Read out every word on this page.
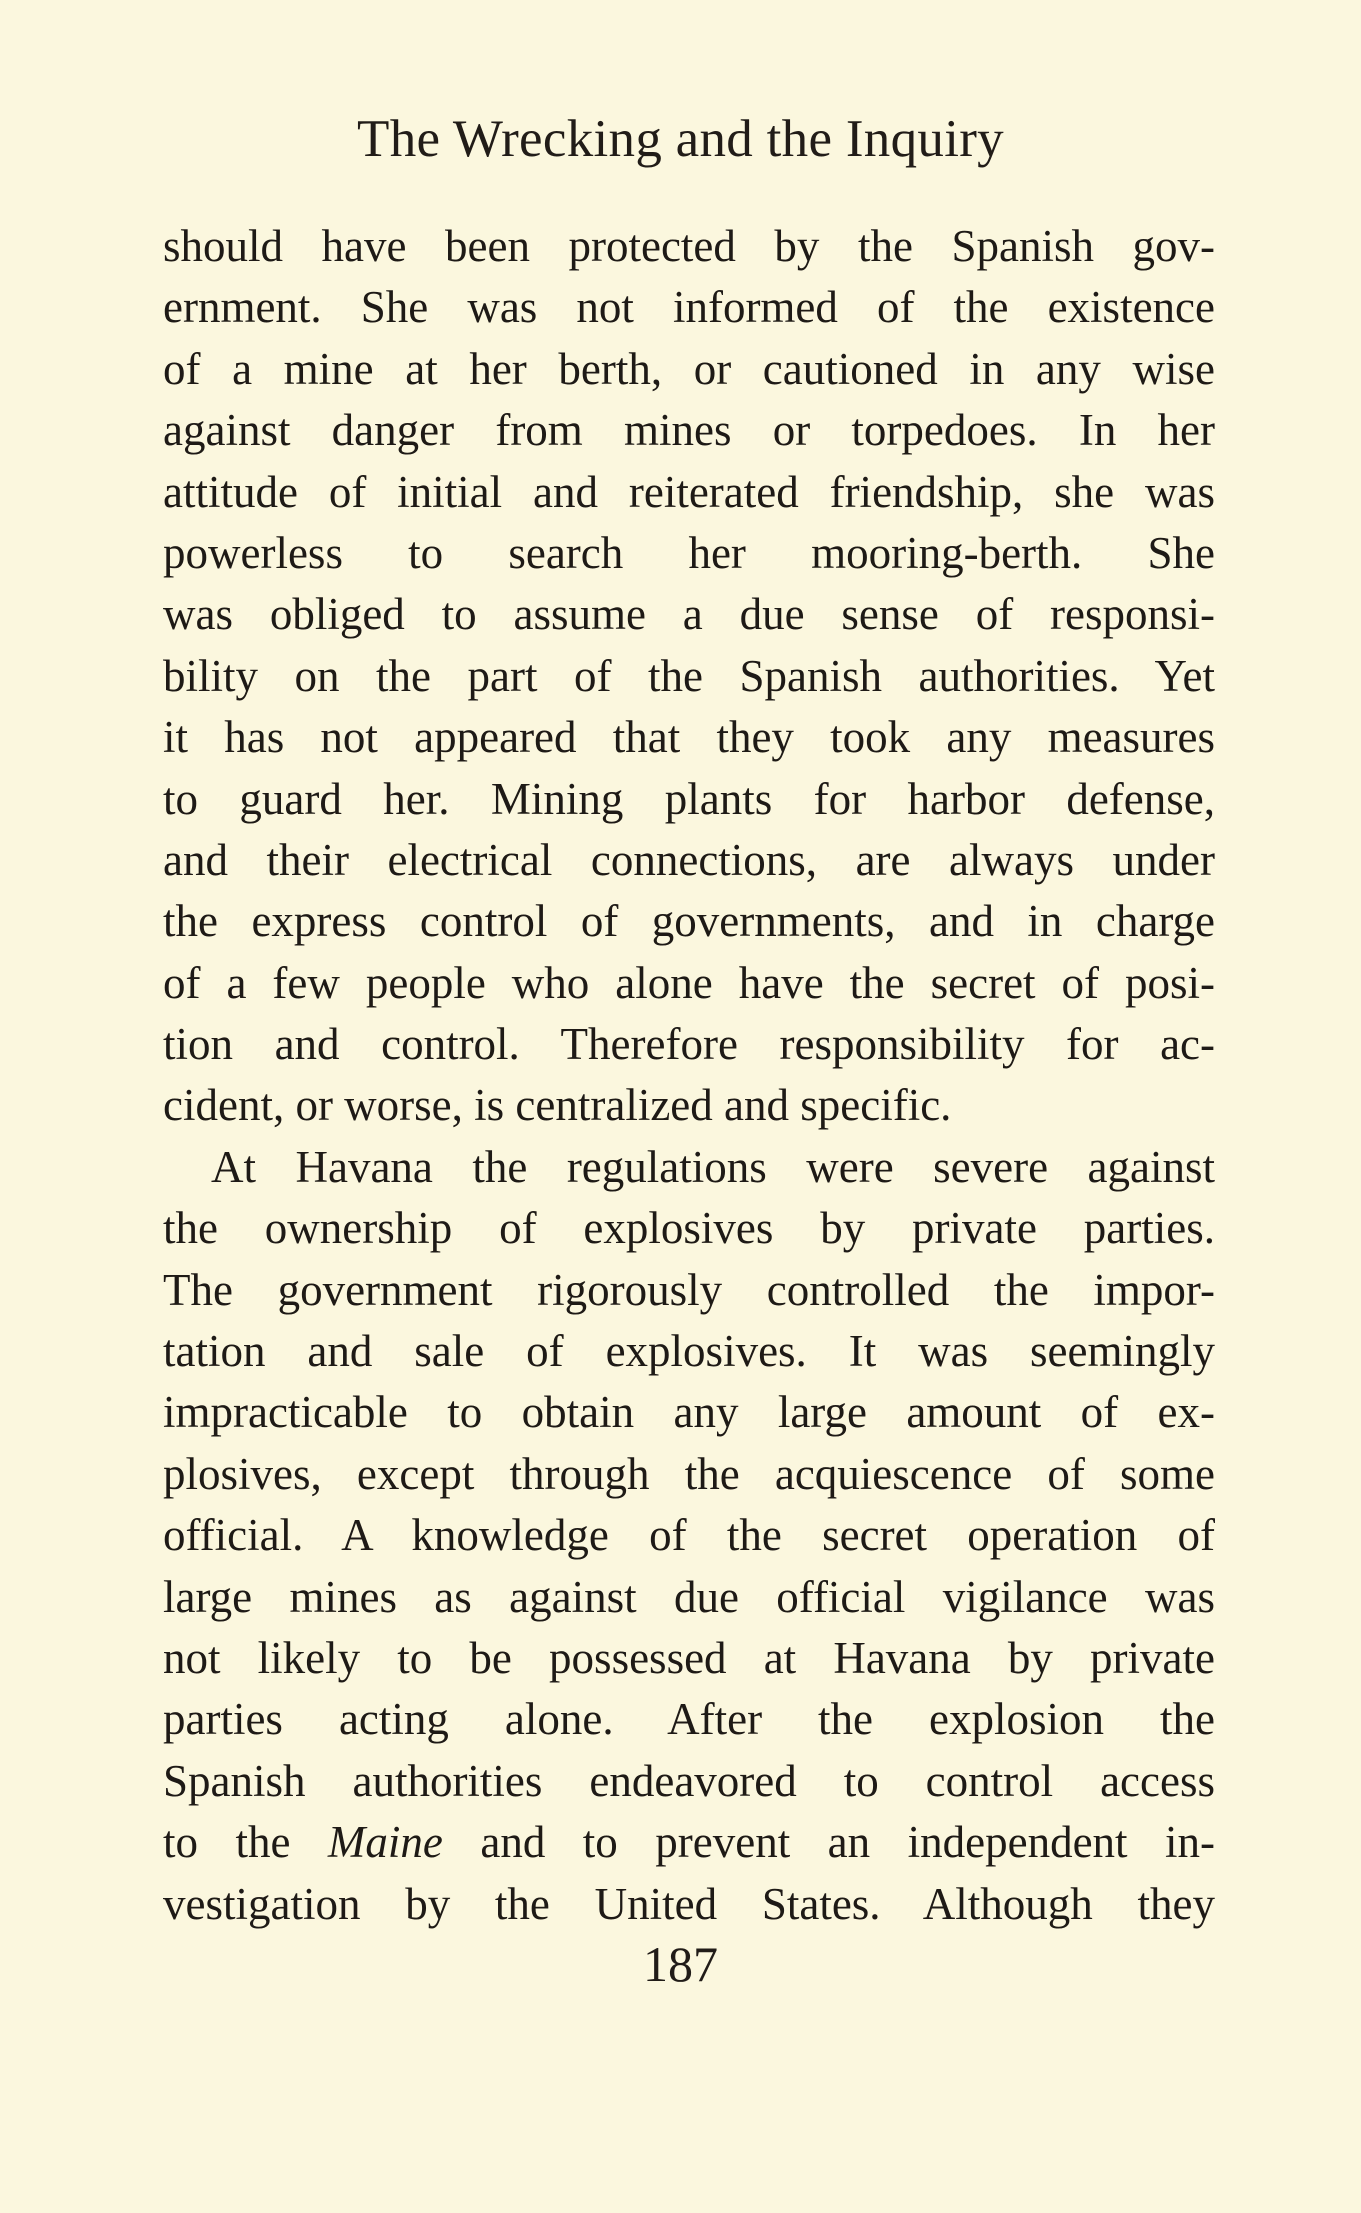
The Wrecking and the Inquiry
should have been protected by the Spanish gov-
ernment. She was not informed of the existence
of a mine at her berth, or cautioned in any wise
against danger from mines or torpedoes. In her
attitude of initial and reiterated friendship, she was
powerless to search her mooring-berth. She
was obliged to assume a due sense of responsi-
bility on the part of the Spanish authorities. Yet
it has not appeared that they took any measures
to guard her. Mining plants for harbor defense,
and their electrical connections, are always under
the express control of governments, and in charge
of a few people who alone have the secret of posi-
tion and control. Therefore responsibility for ac-
cident, or worse, is centralized and specific.
At Havana the regulations were severe against
the ownership of explosives by private parties.
The government rigorously controlled the impor-
tation and sale of explosives. It was seemingly
impracticable to obtain any large amount of ex-
plosives, except through the acquiescence of some
official. A knowledge of the secret operation of
large mines as against due official vigilance was
not likely to be possessed at Havana by private
parties acting alone. After the explosion the
Spanish authorities endeavored to control access
to the Maine and to prevent an independent in-
vestigation by the United States. Although they
187
